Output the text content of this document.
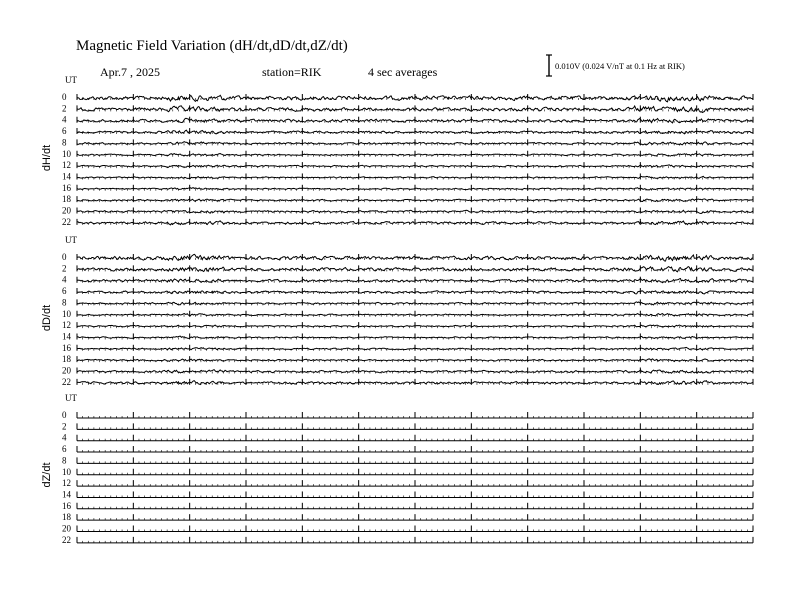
UT
dH/dt
0
2
4
6
8
10
12
14
16
18
20
22
UT
dD/dt
0
2
4
6
8
10
12
14
16
18
20
22
UT
dZ/dt
0
2
4
6
8
10
12
14
16
18
20
22
Magnetic Field Variation (dH/dt,dD/dt,dZ/dt)
Apr.7 , 2025	station=RIK	4 sec averages	0.010V (0.024 V/nT at 0.1 Hz at RIK)
